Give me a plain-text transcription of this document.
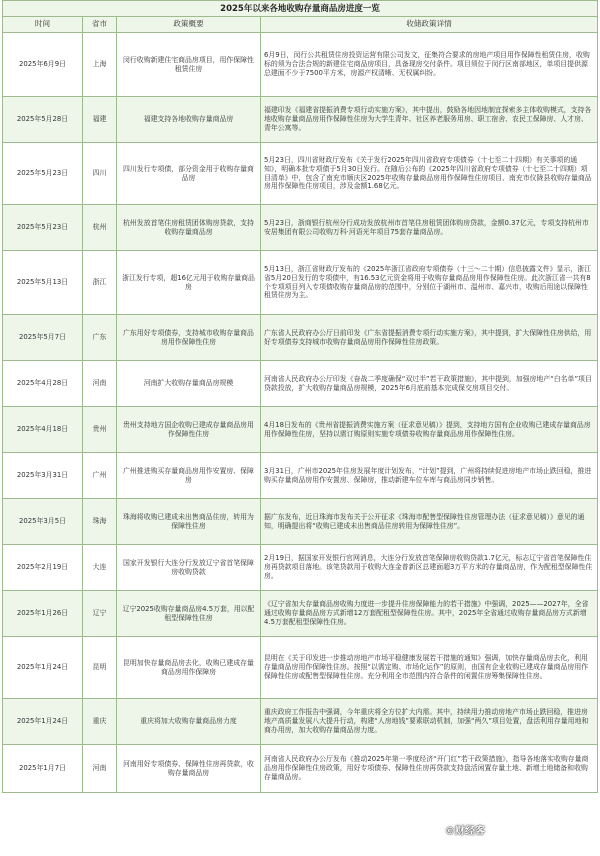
2025年以来各地收购存量商品房进度一览
时间	省市	政策概要	收储政策详情
2025年6月9日	上海	闵行收购新建住宅商品房项目，用作保障性租赁住房	6月9日，闵行公共租赁住房投资运营有限公司发文，征集符合要求的房地产项目用作保障性租赁住房，收购标的须为合法合规的新建住宅商品房项目，具备现房交付条件。项目须位于闵行区南部地区，单项目提供源总建面不少于7500平方米，房源产权清晰、无权属纠纷。
2025年5月28日	福建	福建支持各地收购存量商品房	福建印发《福建省提振消费专项行动实施方案》，其中提出，鼓励各地因地制宜探索多主体收购模式，支持各地收购存量商品房用作保障性住房为大学生青年、社区养老服务用房、职工宿舍、农民工保障房、人才房、青年公寓等。
2025年5月23日	四川	四川发行专项债，部分资金用于收购存量商品房	5月23日，四川省财政厅发布《关于发行2025年四川省政府专项债券（十七至二十四期）有关事项的通知》，明确本批专项债于5月30日发行。在随后公布的《2025年四川省政府专项债券（十七至二十四期）项目清单》中，包含了南充市顺庆区2025年收购存量商品房用作保障性住房项目、南充市仪陇县收购存量商品房用作保障性住房项目，涉及金额1.68亿元。
2025年5月23日	杭州	杭州发放首笔住房租赁团体购房贷款，支持收购存量商品房	5月23日，浙商银行杭州分行成功发放杭州市首笔住房租赁团体购房贷款，金额0.37亿元，专项支持杭州市安居集团有限公司收购万科·河语光年项目75套存量商品房。
2025年5月13日	浙江	浙江发行专项，超16亿元用于收购存量商品房	5月13日，浙江省财政厅发布的《2025年浙江省政府专项债券（十三～二十期）信息披露文件》显示，浙江省5月20日发行的专项债中，有16.53亿元资金将用于收购存量商品房用作保障性住房。此次浙江省一共有8个专项项目列入专项债收购存量商品房的范围中，分别位于湖州市、温州市、嘉兴市，收购后用途以保障性租赁住房为主。
2025年5月7日	广东	广东用好专项债券，支持城市收购存量商品房用作保障性住房	广东省人民政府办公厅日前印发《广东省提振消费专项行动实施方案》，其中提到，扩大保障性住房供给，用好专项债券支持城市收购存量商品房用作保障性住房政策。
2025年4月28日	河南	河南扩大收购存量商品房规模	河南省人民政府办公厅印发《奋战二季度确保“双过半”若干政策措施》，其中提到，加强房地产“白名单”项目贷款投放，扩大收购存量商品房规模，2025年6月底前基本完成保交房项目交付。
2025年4月18日	贵州	贵州支持地方国企收购已建成存量商品房用作保障性住房	4月18日发布的《贵州省提振消费实施方案（征求意见稿）》提到，支持地方国有企业收购已建成存量商品房用作保障性住房，坚持以需订购原则实施专项债券收购存量商品房用作保障性住房。
2025年3月31日	广州	广州推进购买存量商品房用作安置房、保障房	3月31日，广州市2025年住房发展年度计划发布，“计划”提到，广州将持续促进房地产市场止跌回稳，推进购买存量商品房用作安置房、保障房，推动新建车位车库与商品房同步销售。
2025年3月5日	珠海	珠海将收购已建成未出售商品住房，转用为保障性住房	据广东发布，近日珠海市发布关于公开征求《珠海市配售型保障性住房管理办法（征求意见稿）》意见的通知，明确提出将“收购已建成未出售商品住房转用为保障性住房”。
2025年2月19日	大连	国家开发银行大连分行发放辽宁省首笔保障房收购贷款	2月19日，据国家开发银行官网消息，大连分行发放首笔保障房收购贷款1.7亿元，标志辽宁省首笔保障性住房再贷款项目落地。该笔贷款用于收购大连金普新区总建面超3万平方米的存量商品房，作为配租型保障性住房。
2025年1月26日	辽宁	辽宁2025收购存量商品房4.5万套，用以配租型保障性住房	《辽宁省加大存量商品房收购力度进一步提升住房保障能力的若干措施》中强调，2025——2027年，全省通过收购存量商品房方式新增12万套配租型保障性住房。其中，2025年全省通过收购存量商品房方式新增4.5万套配租型保障性住房。
2025年1月24日	昆明	昆明加快存量商品房去化，收购已建成存量商品房用作保障房	昆明在《关于印发进一步推动房地产市场平稳健康发展若干措施的通知》强调，加快存量商品房去化，利用存量商品房用作保障性住房。按照“以需定购、市场化运作”的原则，由国有企业收购已建成存量商品房用作保障性住房或配售型保障性住房。充分利用全市范围内符合条件的闲置住房筹集保障性住房。
2025年1月24日	重庆	重庆将加大收购存量商品房力度	重庆政府工作报告中强调，今年重庆将全方位扩大内需。其中，持续用力推动房地产市场止跌回稳，推进房地产高质量发展八大提升行动，构建“人房地钱”要素联动机制，加强“两久”项目处置，盘活利用存量用地和商办用房，加大收购存量商品房力度。
2025年1月7日	河南	河南用好专项债券、保障性住房再贷款，收购存量商品房	河南省人民政府办公厅发布《推动2025年第一季度经济“开门红”若干政策措施》，指导各地落实收购存量商品房用作保障性住房政策，用好专项债券、保障性住房再贷款支持盘活闲置存量土地、新增土地储备和收购存量商品房。
©财经客
